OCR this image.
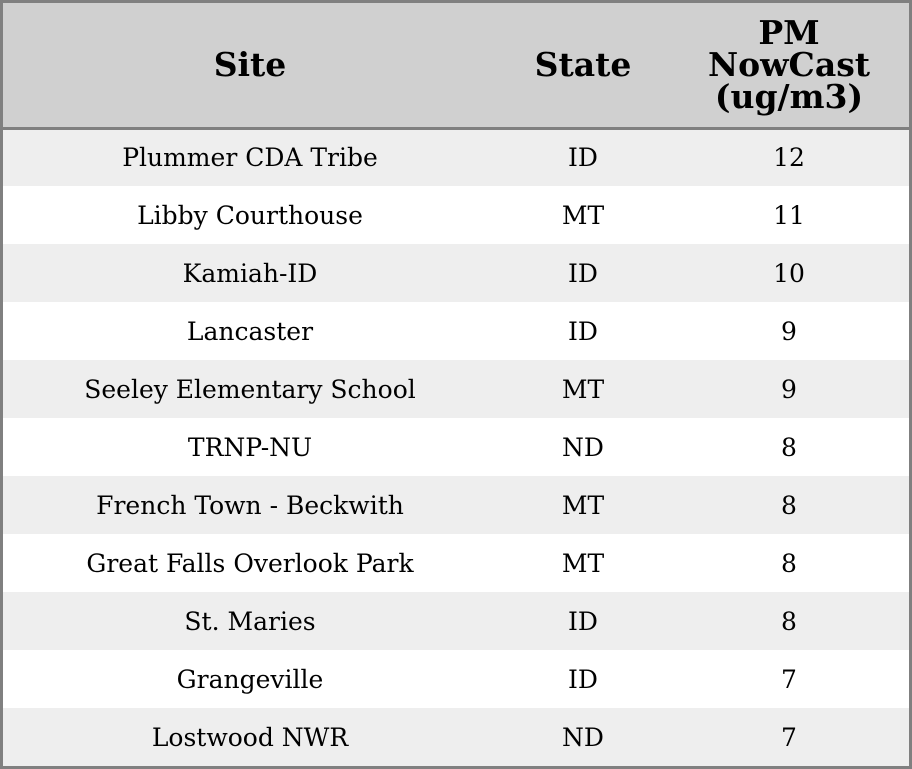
Site	State	PM
NowCast
(ug/m3)

Plummer CDA Tribe	ID	12
Libby Courthouse	MT	11
Kamiah-ID	ID	10
Lancaster	ID	9
Seeley Elementary School	MT	9
TRNP-NU	ND	8
French Town - Beckwith	MT	8
Great Falls Overlook Park	MT	8
St. Maries	ID	8
Grangeville	ID	7
Lostwood NWR	ND	7
